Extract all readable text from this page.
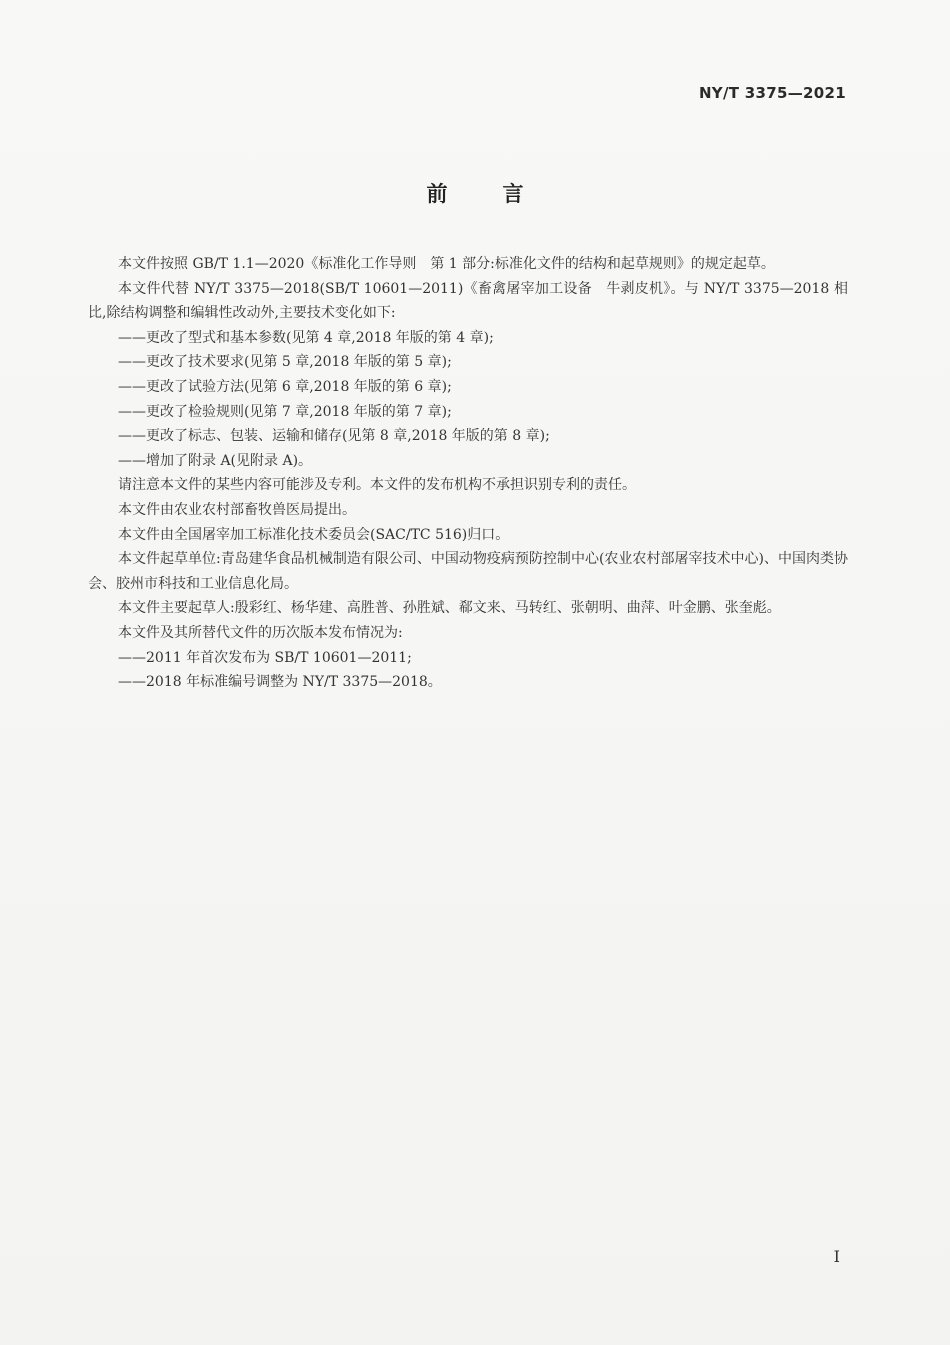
NY/T 3375—2021
前言

本文件按照 GB/T 1.1—2020《标准化工作导则　第 1 部分:标准化文件的结构和起草规则》的规定起草。

本文件代替 NY/T 3375—2018(SB/T 10601—2011)《畜禽屠宰加工设备　牛剥皮机》。与 NY/T 3375—2018 相比,除结构调整和编辑性改动外,主要技术变化如下:

——更改了型式和基本参数(见第 4 章,2018 年版的第 4 章);

——更改了技术要求(见第 5 章,2018 年版的第 5 章);

——更改了试验方法(见第 6 章,2018 年版的第 6 章);

——更改了检验规则(见第 7 章,2018 年版的第 7 章);

——更改了标志、包装、运输和储存(见第 8 章,2018 年版的第 8 章);

——增加了附录 A(见附录 A)。

请注意本文件的某些内容可能涉及专利。本文件的发布机构不承担识别专利的责任。

本文件由农业农村部畜牧兽医局提出。

本文件由全国屠宰加工标准化技术委员会(SAC/TC 516)归口。

本文件起草单位:青岛建华食品机械制造有限公司、中国动物疫病预防控制中心(农业农村部屠宰技术中心)、中国肉类协会、胶州市科技和工业信息化局。

本文件主要起草人:殷彩红、杨华建、高胜普、孙胜斌、郗文来、马转红、张朝明、曲萍、叶金鹏、张奎彪。

本文件及其所替代文件的历次版本发布情况为:

——2011 年首次发布为 SB/T 10601—2011;

——2018 年标准编号调整为 NY/T 3375—2018。

I
